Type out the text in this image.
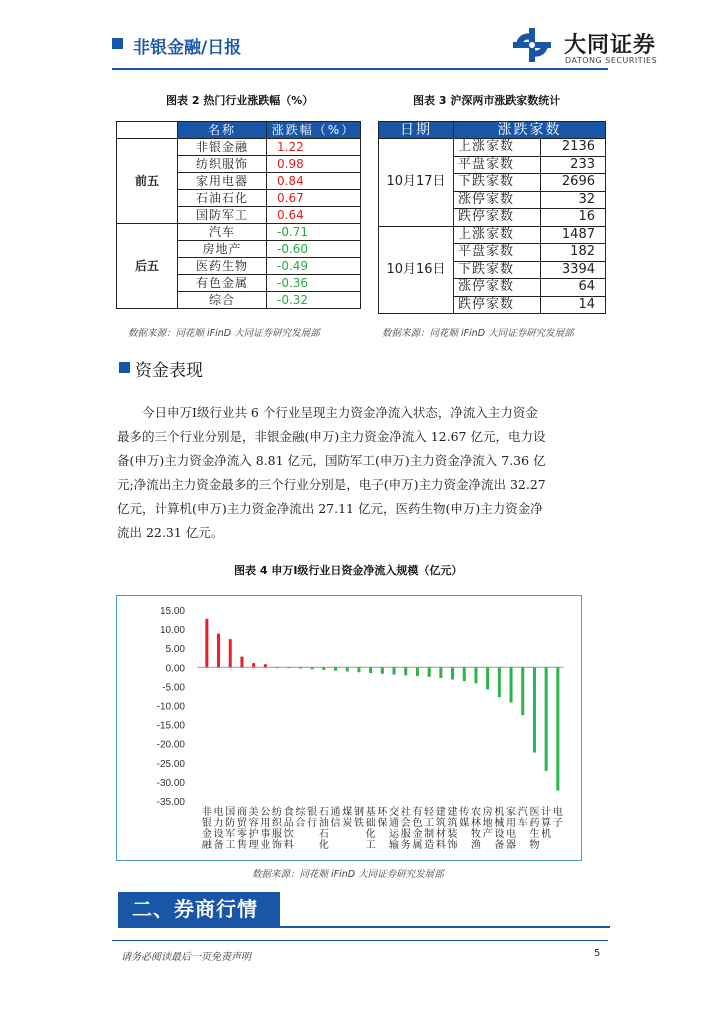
非银金融/日报	大同证券
DATONG SECURITIES
图表 2 热门行业涨跌幅（%）
	名称	涨跌幅（%）
前五	非银金融	1.22
	纺织服饰	0.98
	家用电器	0.84
	石油石化	0.67
	国防军工	0.64
后五	汽车	-0.71
	房地产	-0.60
	医药生物	-0.49
	有色金属	-0.36
	综合	-0.32
数据来源：同花顺 iFinD 大同证券研究发展部
图表 3 沪深两市涨跌家数统计
日期	涨跌家数	
10月17日	上涨家数	2136
	平盘家数	233
	下跌家数	2696
	涨停家数	32
	跌停家数	16
10月16日	上涨家数	1487
	平盘家数	182
	下跌家数	3394
	涨停家数	64
	跌停家数	14
数据来源：同花顺 iFinD 大同证券研究发展部
资金表现
今日申万Ⅰ级行业共 6 个行业呈现主力资金净流入状态，净流入主力资金
最多的三个行业分别是，非银金融(申万)主力资金净流入 12.67 亿元，电力设
备(申万)主力资金净流入 8.81 亿元，国防军工(申万)主力资金净流入 7.36 亿
元;净流出主力资金最多的三个行业分别是，电子(申万)主力资金净流出 32.27
亿元，计算机(申万)主力资金净流出 27.11 亿元，医药生物(申万)主力资金净
流出 22.31 亿元。
图表 4 申万Ⅰ级行业日资金净流入规模（亿元）
15.00
10.00
5.00
0.00
-5.00
-10.00
-15.00
-20.00
-25.00
-30.00
-35.00
非
银
金
融
电
力
设
备
国
防
军
工
商
贸
零
售
美
容
护
理
公
用
事
业
纺
织
服
饰
食
品
饮
料
综
合
银
行
石
油
石
化
通
信
煤
炭
钢
铁
基
础
化
工
环
保
交
通
运
输
社
会
服
务
有
色
金
属
轻
工
制
造
建
筑
材
料
建
筑
装
饰
传
媒
农
林
牧
渔
房
地
产
机
械
设
备
家
用
电
器
汽
车
医
药
生
物
计
算
机
电
子
数据来源：同花顺 iFinD 大同证券研究发展部
二、券商行情
请务必阅读最后一页免责声明	5
